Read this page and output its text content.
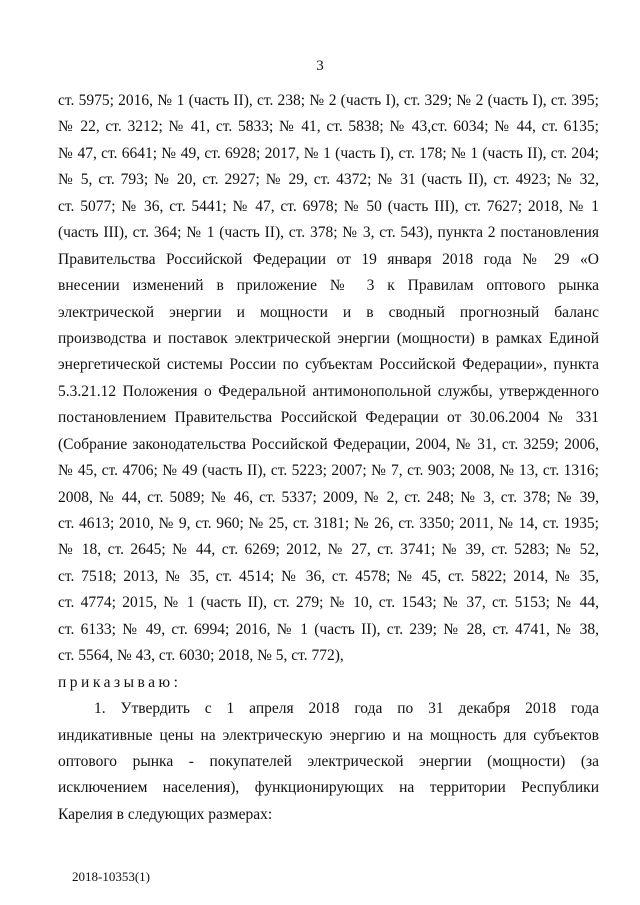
3
ст. 5975; 2016, № 1 (часть II), ст. 238; № 2 (часть I), ст. 329; № 2 (часть I), ст. 395;
№ 22, ст. 3212; № 41, ст. 5833; № 41, ст. 5838; № 43,ст. 6034; № 44, ст. 6135;
№ 47, ст. 6641; № 49, ст. 6928; 2017, № 1 (часть I), ст. 178; № 1 (часть II), ст. 204;
№ 5, ст. 793; № 20, ст. 2927; № 29, ст. 4372; № 31 (часть II), ст. 4923; № 32,
ст. 5077; № 36, ст. 5441; № 47, ст. 6978; № 50 (часть III), ст. 7627; 2018, № 1
(часть III), ст. 364; № 1 (часть II), ст. 378; № 3, ст. 543), пункта 2 постановления
Правительства Российской Федерации от 19 января 2018 года № 29 «О
внесении изменений в приложение № 3 к Правилам оптового рынка
электрической энергии и мощности и в сводный прогнозный баланс
производства и поставок электрической энергии (мощности) в рамках Единой
энергетической системы России по субъектам Российской Федерации», пункта
5.3.21.12 Положения о Федеральной антимонопольной службы, утвержденного
постановлением Правительства Российской Федерации от 30.06.2004 № 331
(Собрание законодательства Российской Федерации, 2004, № 31, ст. 3259; 2006,
№ 45, ст. 4706; № 49 (часть II), ст. 5223; 2007; № 7, ст. 903; 2008, № 13, ст. 1316;
2008, № 44, ст. 5089; № 46, ст. 5337; 2009, № 2, ст. 248; № 3, ст. 378; № 39,
ст. 4613; 2010, № 9, ст. 960; № 25, ст. 3181; № 26, ст. 3350; 2011, № 14, ст. 1935;
№ 18, ст. 2645; № 44, ст. 6269; 2012, № 27, ст. 3741; № 39, ст. 5283; № 52,
ст. 7518; 2013, № 35, ст. 4514; № 36, ст. 4578; № 45, ст. 5822; 2014, № 35,
ст. 4774; 2015, № 1 (часть II), ст. 279; № 10, ст. 1543; № 37, ст. 5153; № 44,
ст. 6133; № 49, ст. 6994; 2016, № 1 (часть II), ст. 239; № 28, ст. 4741, № 38,
ст. 5564, № 43, ст. 6030; 2018, № 5, ст. 772),
приказываю:
1. Утвердить с 1 апреля 2018 года по 31 декабря 2018 года
индикативные цены на электрическую энергию и на мощность для субъектов
оптового рынка - покупателей электрической энергии (мощности) (за
исключением населения), функционирующих на территории Республики
Карелия в следующих размерах:
2018-10353(1)
